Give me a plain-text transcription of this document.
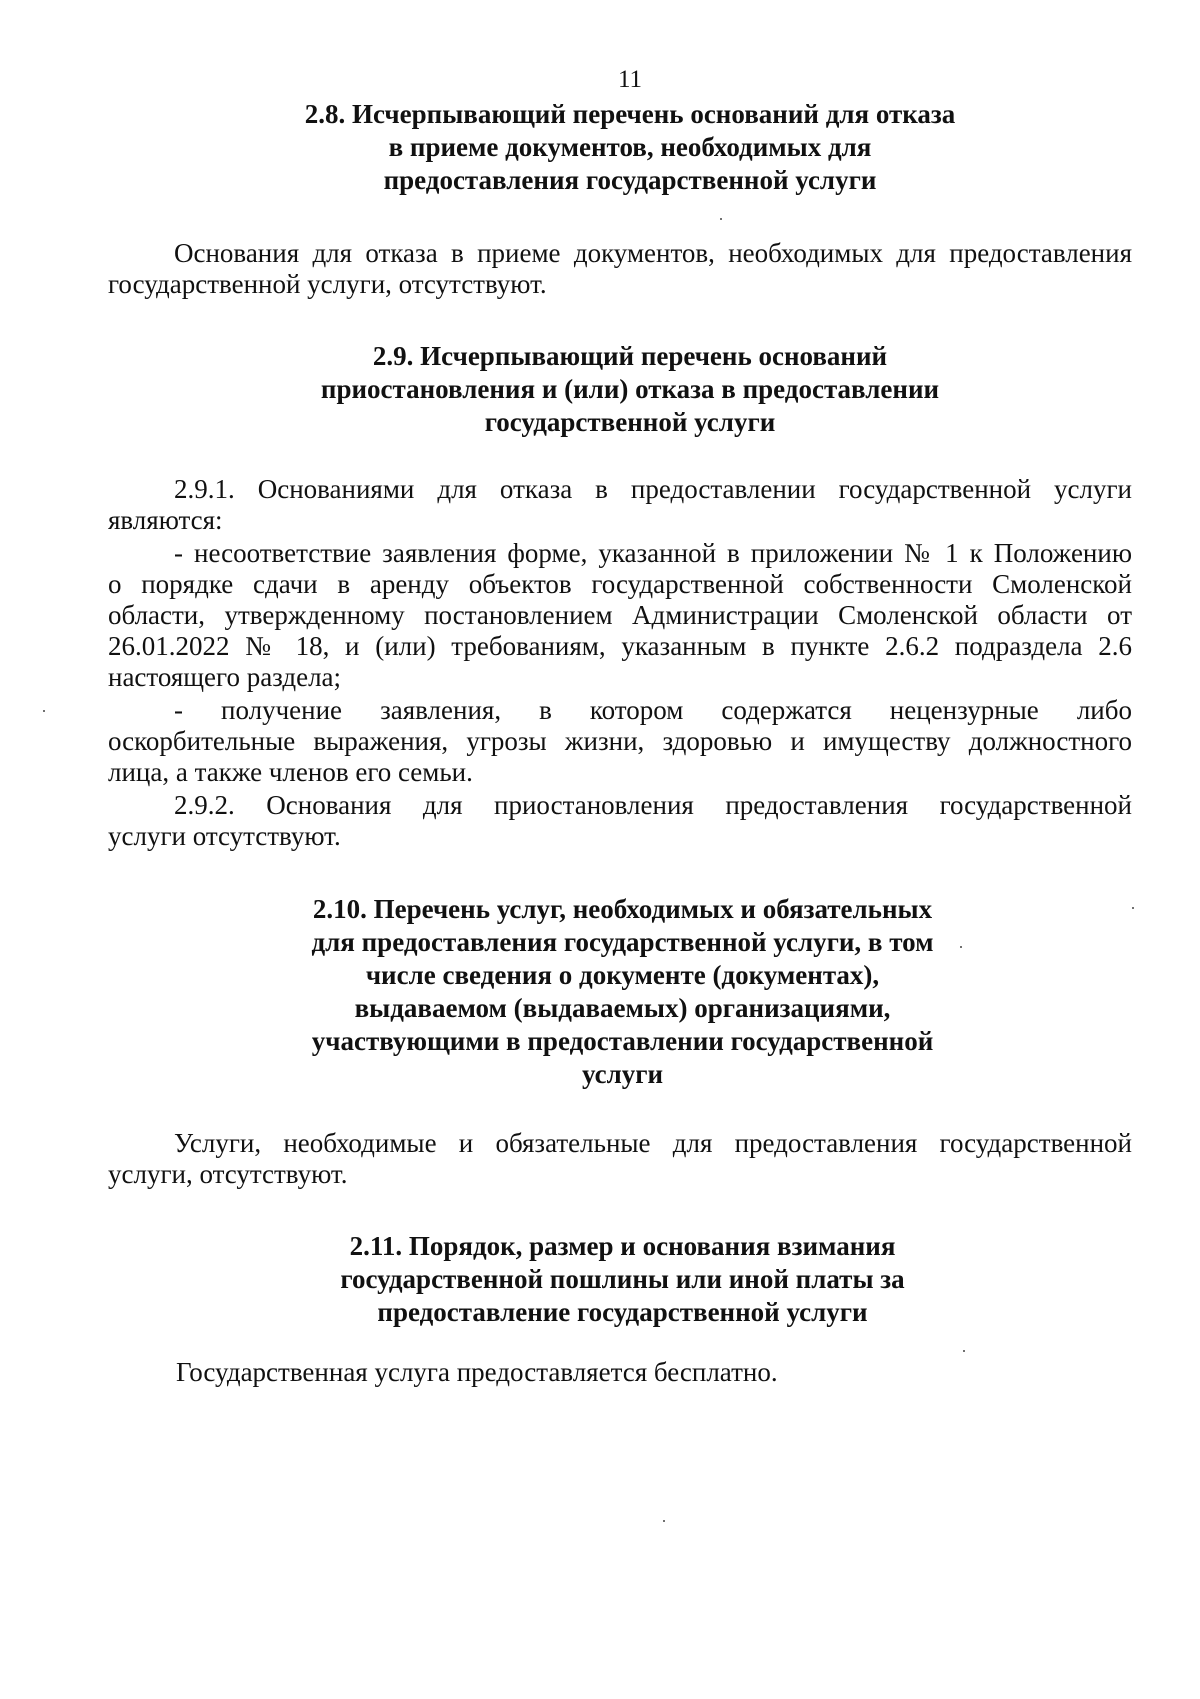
11
2.8. Исчерпывающий перечень оснований для отказа
в приеме документов, необходимых для
предоставления государственной услуги
Основания для отказа в приеме документов, необходимых для предоставления
государственной услуги, отсутствуют.
2.9. Исчерпывающий перечень оснований
приостановления и (или) отказа в предоставлении
государственной услуги
2.9.1. Основаниями для отказа в предоставлении государственной услуги
являются:
- несоответствие заявления форме, указанной в приложении № 1 к Положению
о порядке сдачи в аренду объектов государственной собственности Смоленской
области, утвержденному постановлением Администрации Смоленской области от
26.01.2022 № 18, и (или) требованиям, указанным в пункте 2.6.2 подраздела 2.6
настоящего раздела;
- получение заявления, в котором содержатся нецензурные либо
оскорбительные выражения, угрозы жизни, здоровью и имуществу должностного
лица, а также членов его семьи.
2.9.2. Основания для приостановления предоставления государственной
услуги отсутствуют.
2.10. Перечень услуг, необходимых и обязательных
для предоставления государственной услуги, в том
числе сведения о документе (документах),
выдаваемом (выдаваемых) организациями,
участвующими в предоставлении государственной
услуги
Услуги, необходимые и обязательные для предоставления государственной
услуги, отсутствуют.
2.11. Порядок, размер и основания взимания
государственной пошлины или иной платы за
предоставление государственной услуги
Государственная услуга предоставляется бесплатно.
